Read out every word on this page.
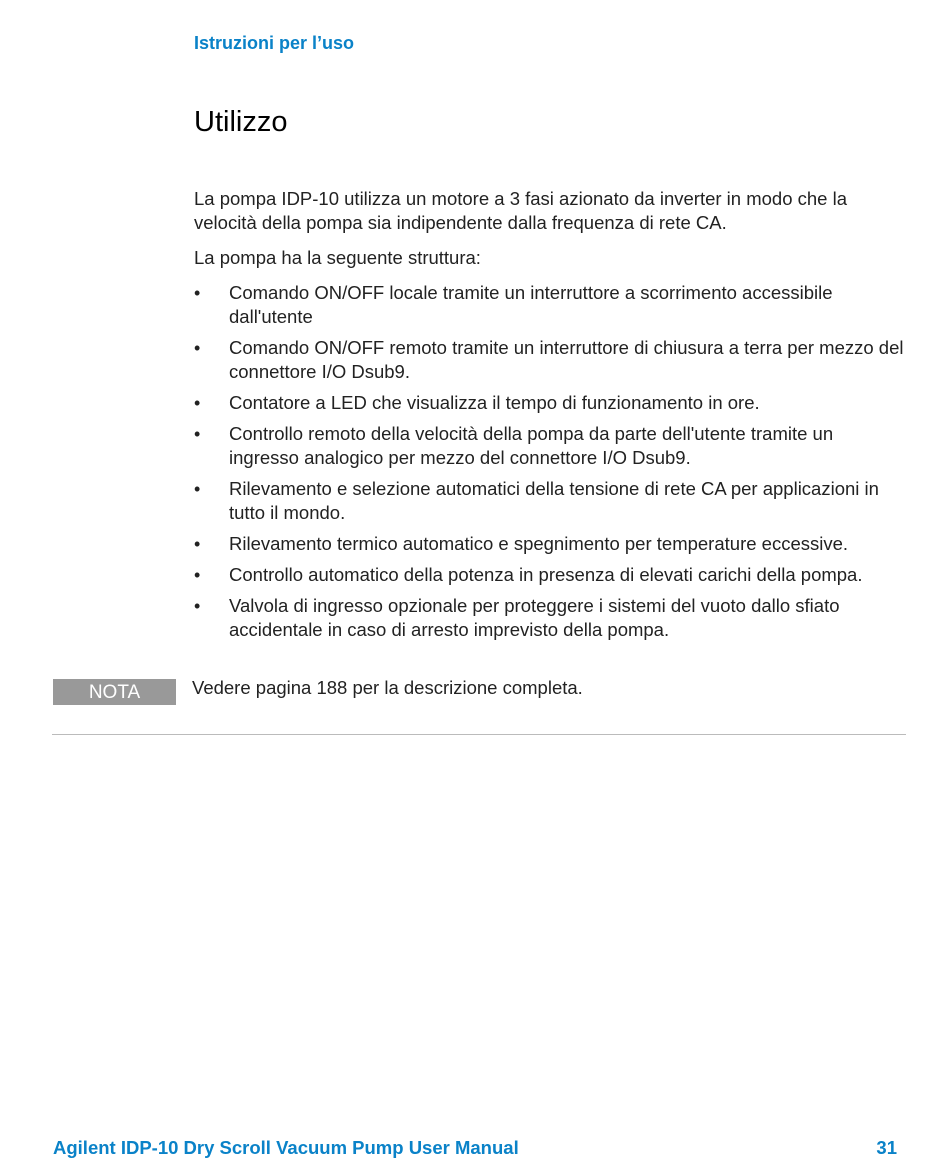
Istruzioni per l’uso
Utilizzo

La pompa IDP-10 utilizza un motore a 3 fasi azionato da inverter in modo che la velocità della pompa sia indipendente dalla frequenza di rete CA.

La pompa ha la seguente struttura:

• Comando ON/OFF locale tramite un interruttore a scorrimento accessibile dall'utente
• Comando ON/OFF remoto tramite un interruttore di chiusura a terra per mezzo del connettore I/O Dsub9.
• Contatore a LED che visualizza il tempo di funzionamento in ore.
• Controllo remoto della velocità della pompa da parte dell'utente tramite un ingresso analogico per mezzo del connettore I/O Dsub9.
• Rilevamento e selezione automatici della tensione di rete CA per applicazioni in tutto il mondo.
• Rilevamento termico automatico e spegnimento per temperature eccessive.
• Controllo automatico della potenza in presenza di elevati carichi della pompa.
• Valvola di ingresso opzionale per proteggere i sistemi del vuoto dallo sfiato accidentale in caso di arresto imprevisto della pompa.
NOTA	Vedere pagina 188 per la descrizione completa.
Agilent IDP-10 Dry Scroll Vacuum Pump User Manual	31
